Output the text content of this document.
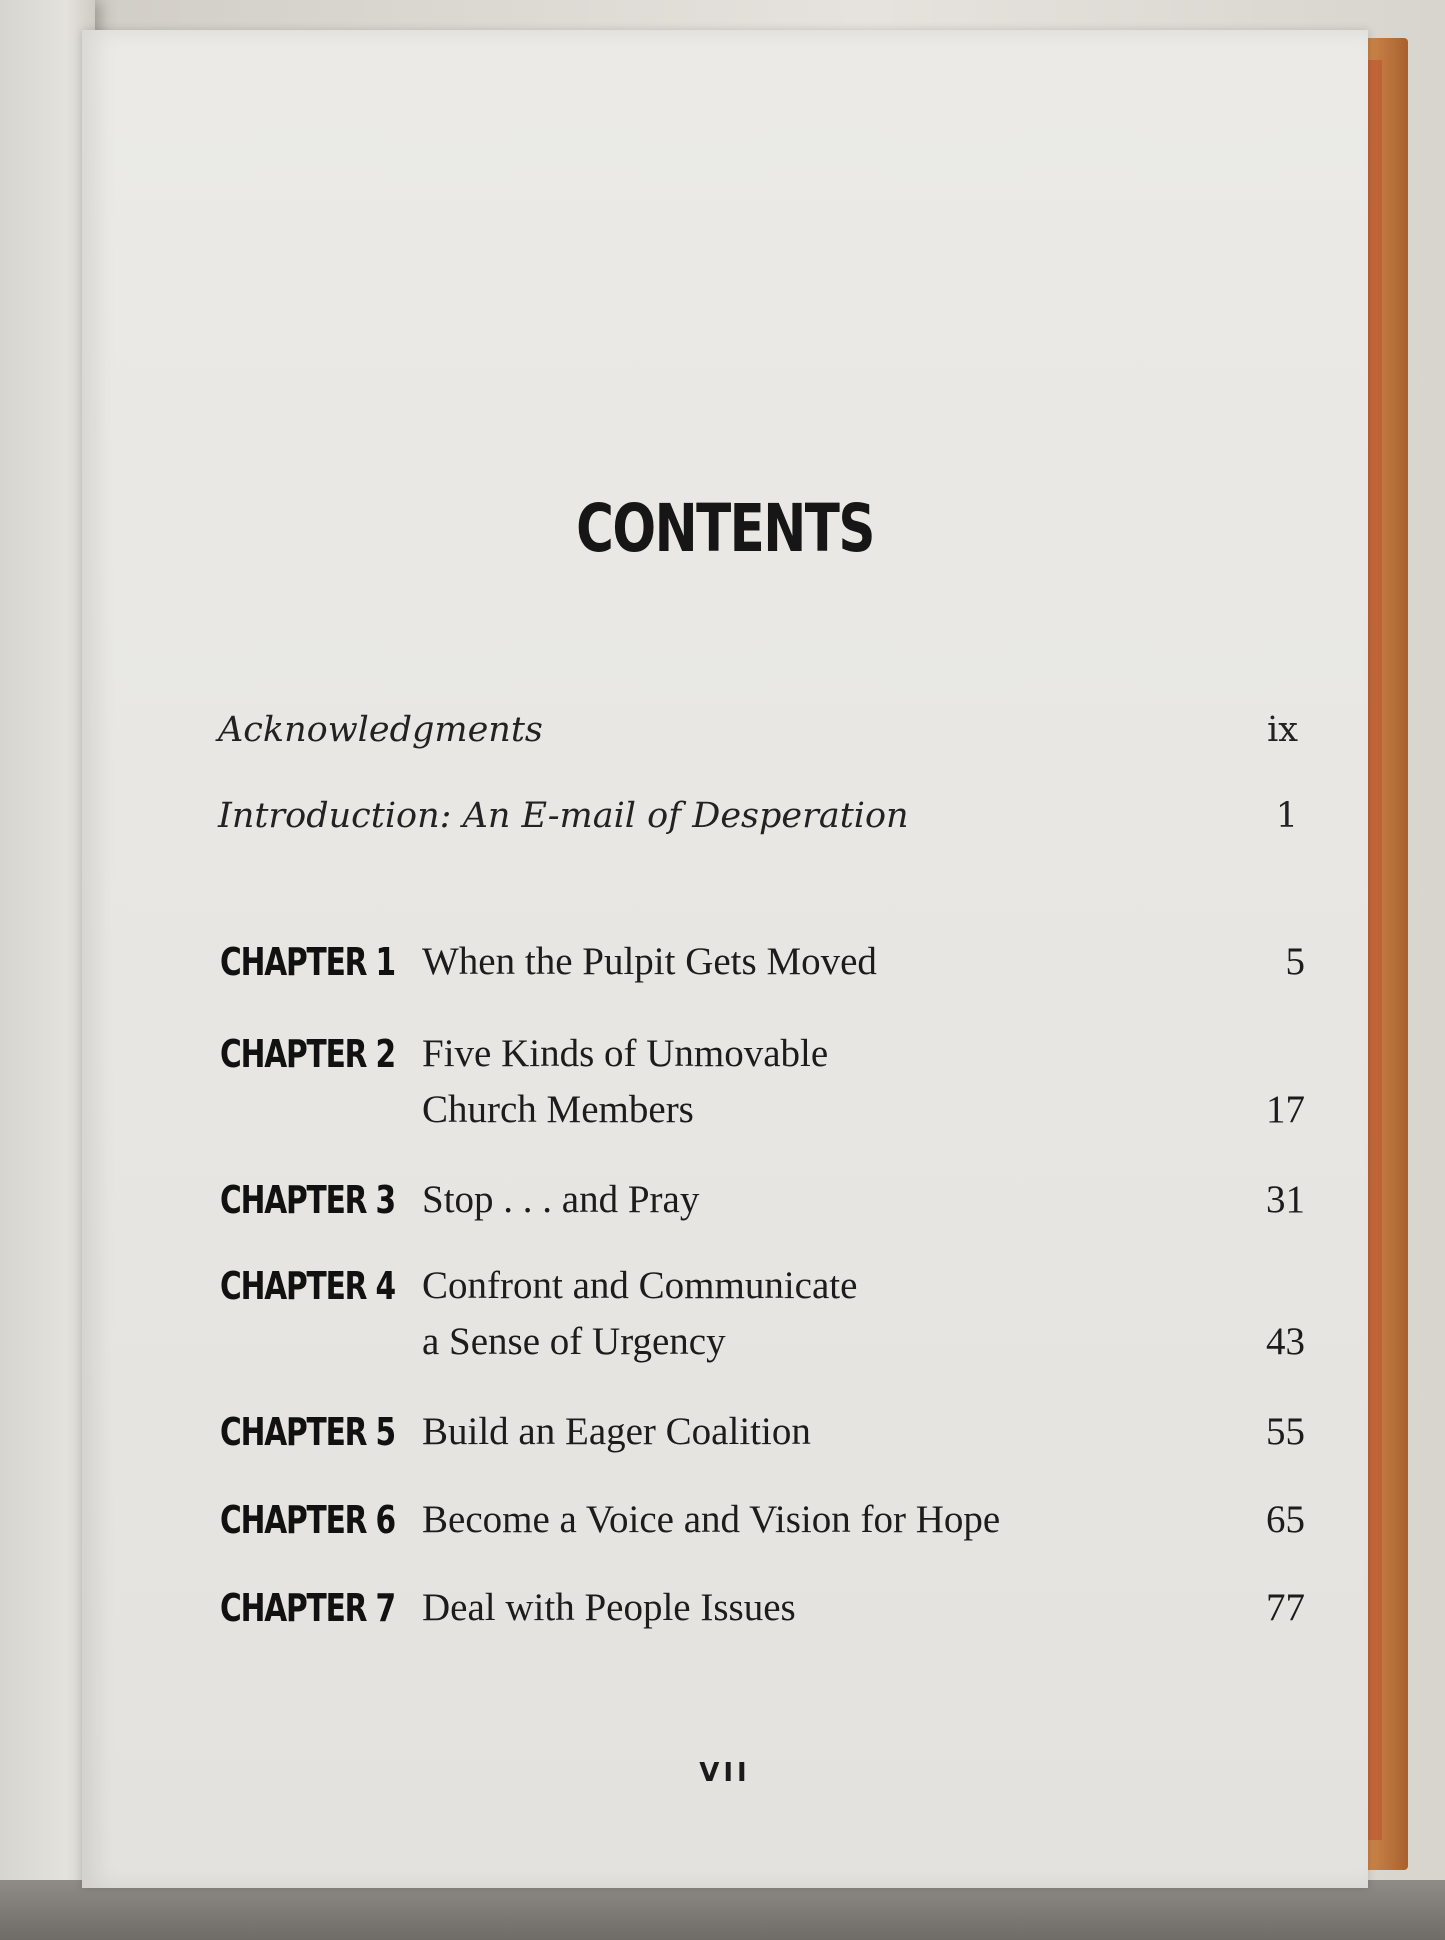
CONTENTS
Acknowledgments	ix
Introduction: An E-mail of Desperation	1
CHAPTER 1 When the Pulpit Gets Moved	5
CHAPTER 2 Five Kinds of Unmovable
Church Members	17
CHAPTER 3 Stop . . . and Pray	31
CHAPTER 4 Confront and Communicate
a Sense of Urgency	43
CHAPTER 5 Build an Eager Coalition	55
CHAPTER 6 Become a Voice and Vision for Hope	65
CHAPTER 7 Deal with People Issues	77
VII
